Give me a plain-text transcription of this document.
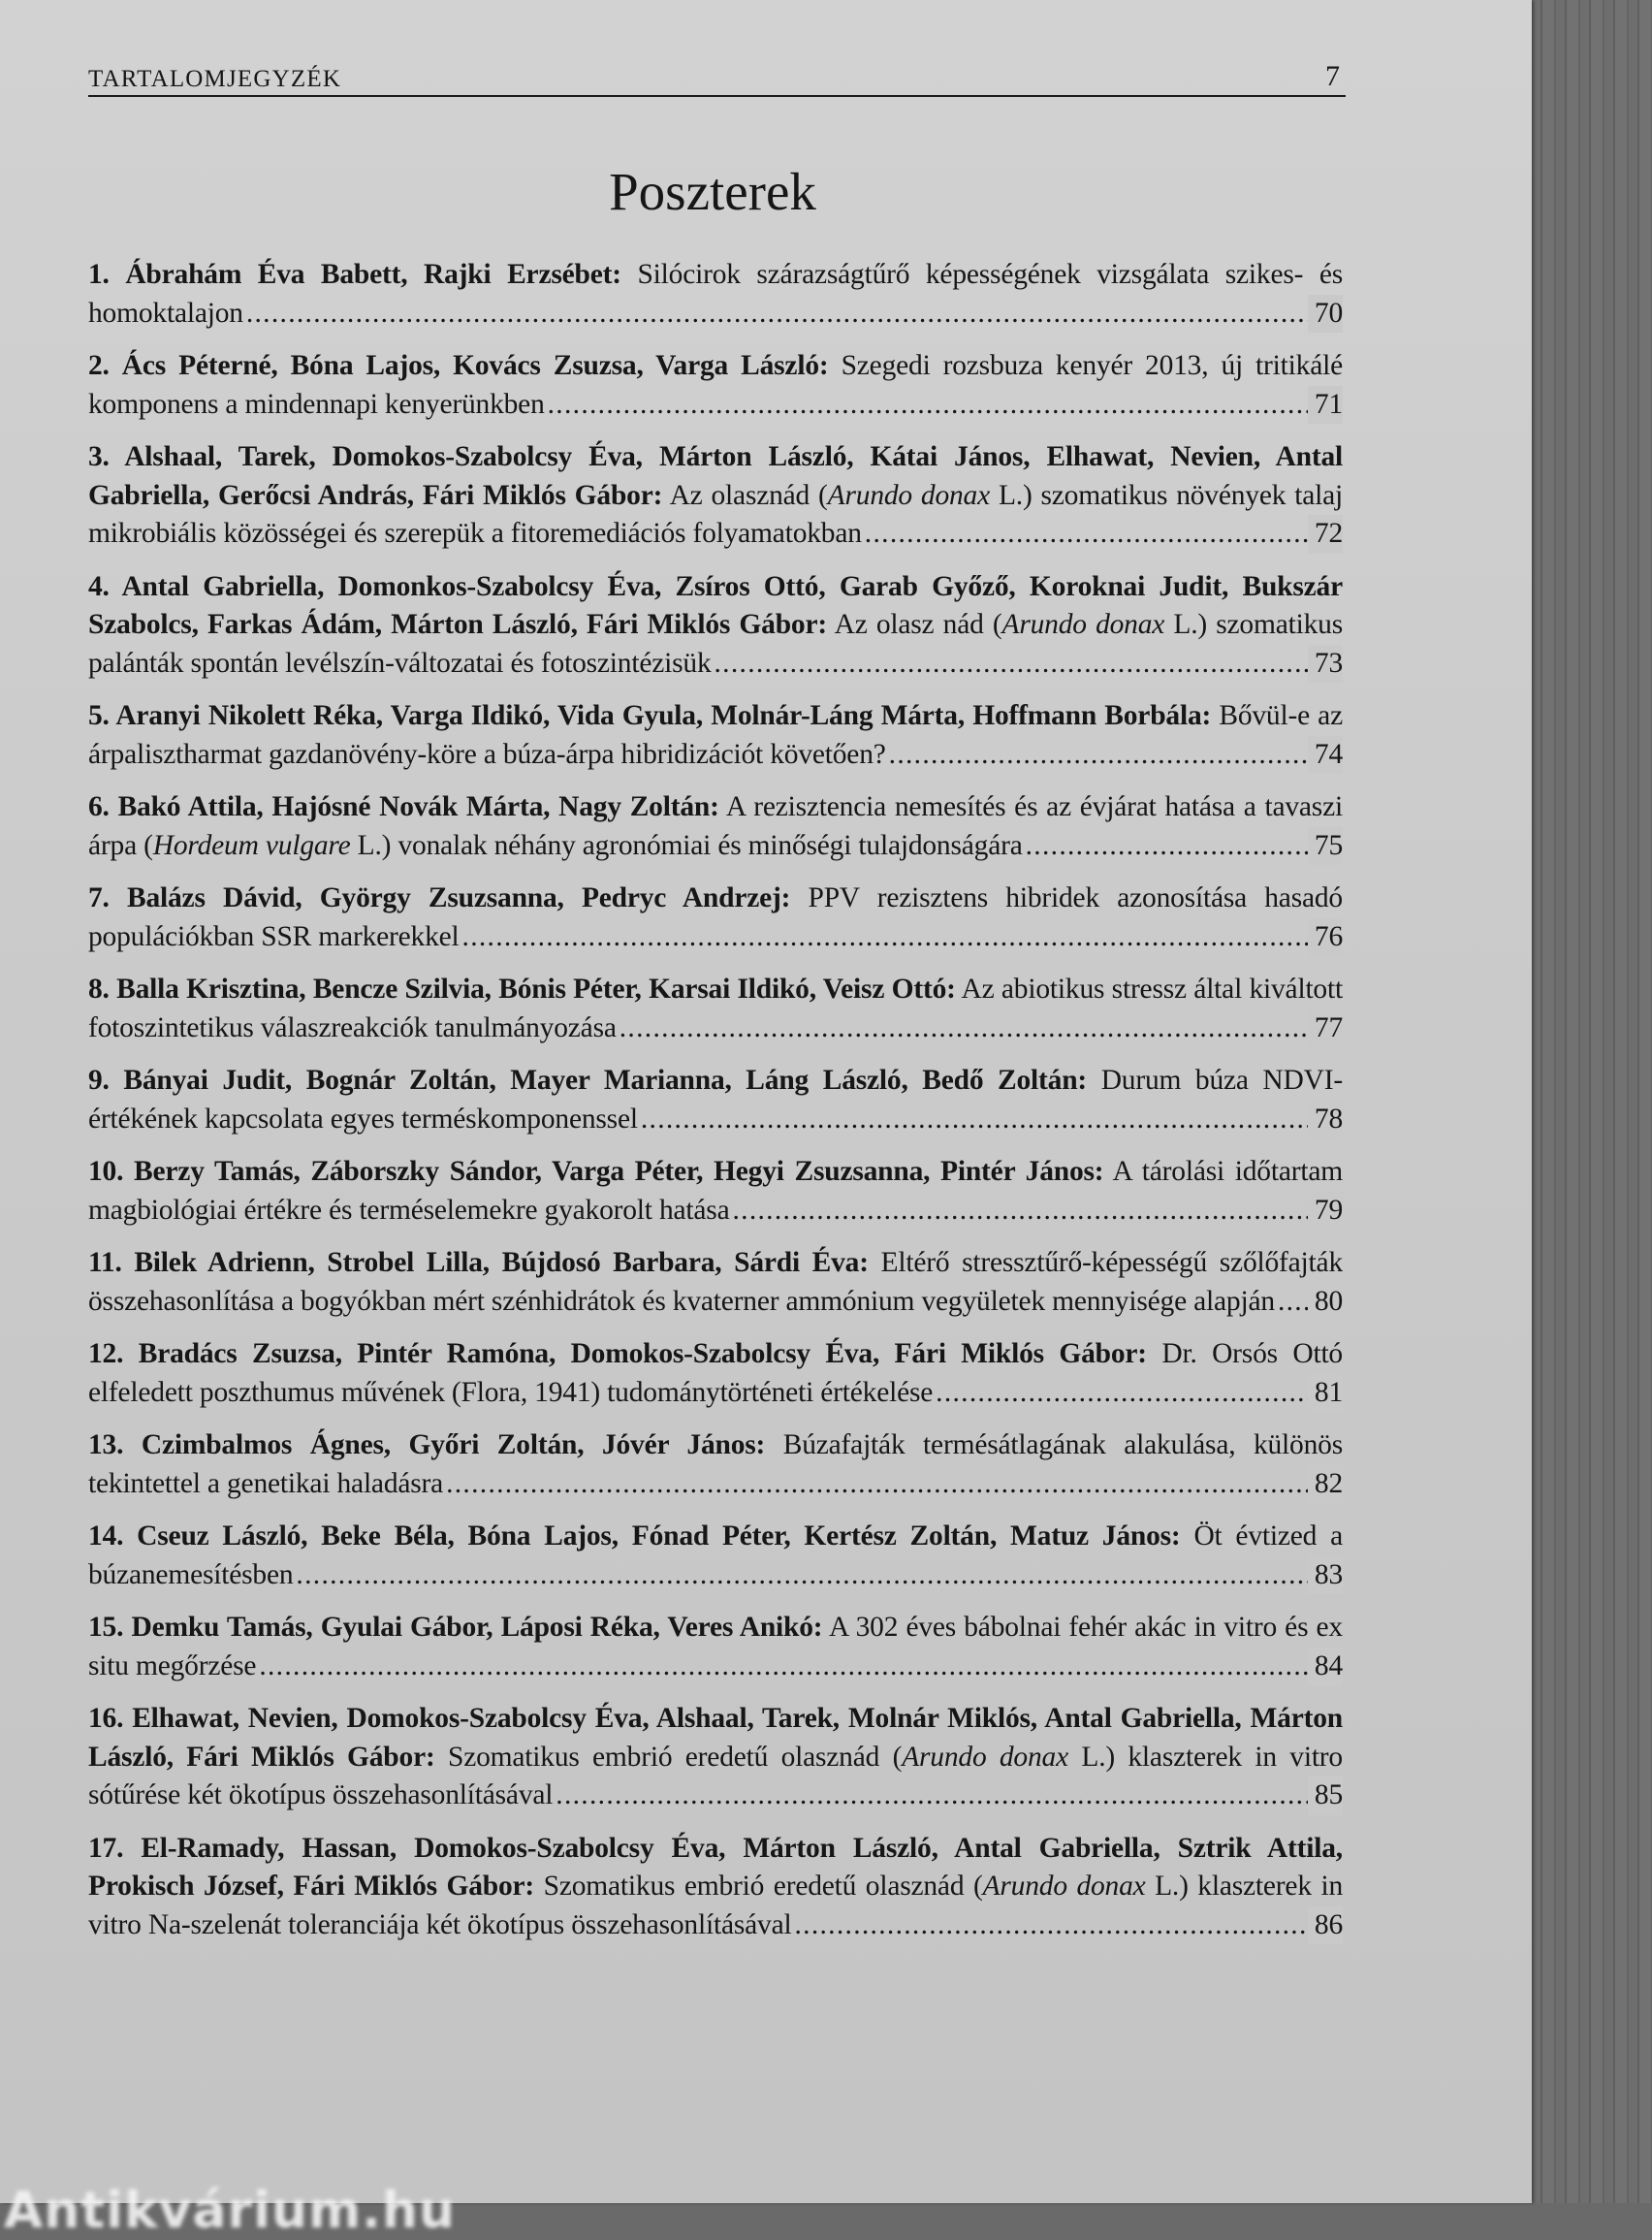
TARTALOMJEGYZÉK	7
Poszterek
1. Ábrahám Éva Babett, Rajki Erzsébet: Silócirok szárazságtűrő képességének vizsgálata szikes- és homoktalajon	70
2. Ács Péterné, Bóna Lajos, Kovács Zsuzsa, Varga László: Szegedi rozsbuza kenyér 2013, új tritikálé komponens a mindennapi kenyerünkben	71
3. Alshaal, Tarek, Domokos-Szabolcsy Éva, Márton László, Kátai János, Elhawat, Nevien, Antal Gabriella, Gerőcsi András, Fári Miklós Gábor: Az olasznád (Arundo donax L.) szomatikus növények talaj mikrobiális közösségei és szerepük a fitoremediációs folyamatokban	72
4. Antal Gabriella, Domonkos-Szabolcsy Éva, Zsíros Ottó, Garab Győző, Koroknai Judit, Bukszár Szabolcs, Farkas Ádám, Márton László, Fári Miklós Gábor: Az olasz nád (Arundo donax L.) szomatikus palánták spontán levélszín-változatai és fotoszintézisük	73
5. Aranyi Nikolett Réka, Varga Ildikó, Vida Gyula, Molnár-Láng Márta, Hoffmann Borbála: Bővül-e az árpalisztharmat gazdanövény-köre a búza-árpa hibridizációt követően?	74
6. Bakó Attila, Hajósné Novák Márta, Nagy Zoltán: A rezisztencia nemesítés és az évjárat hatása a tavaszi árpa (Hordeum vulgare L.) vonalak néhány agronómiai és minőségi tulajdonságára	75
7. Balázs Dávid, György Zsuzsanna, Pedryc Andrzej: PPV rezisztens hibridek azonosítása hasadó populációkban SSR markerekkel	76
8. Balla Krisztina, Bencze Szilvia, Bónis Péter, Karsai Ildikó, Veisz Ottó: Az abiotikus stressz által kiváltott fotoszintetikus válaszreakciók tanulmányozása	77
9. Bányai Judit, Bognár Zoltán, Mayer Marianna, Láng László, Bedő Zoltán: Durum búza NDVI-értékének kapcsolata egyes terméskomponenssel	78
10. Berzy Tamás, Záborszky Sándor, Varga Péter, Hegyi Zsuzsanna, Pintér János: A tárolási időtartam magbiológiai értékre és terméselemekre gyakorolt hatása	79
11. Bilek Adrienn, Strobel Lilla, Bújdosó Barbara, Sárdi Éva: Eltérő stressztűrő-képességű szőlőfajták összehasonlítása a bogyókban mért szénhidrátok és kvaterner ammónium vegyületek mennyisége alapján 80
12. Bradács Zsuzsa, Pintér Ramóna, Domokos-Szabolcsy Éva, Fári Miklós Gábor: Dr. Orsós Ottó elfeledett poszthumus művének (Flora, 1941) tudománytörténeti értékelése	81
13. Czimbalmos Ágnes, Győri Zoltán, Jóvér János: Búzafajták termésátlagának alakulása, különös tekintettel a genetikai haladásra	82
14. Cseuz László, Beke Béla, Bóna Lajos, Fónad Péter, Kertész Zoltán, Matuz János: Öt évtized a búzanemesítésben	83
15. Demku Tamás, Gyulai Gábor, Láposi Réka, Veres Anikó: A 302 éves bábolnai fehér akác in vitro és ex situ megőrzése	84
16. Elhawat, Nevien, Domokos-Szabolcsy Éva, Alshaal, Tarek, Molnár Miklós, Antal Gabriella, Márton László, Fári Miklós Gábor: Szomatikus embrió eredetű olasznád (Arundo donax L.) klaszterek in vitro sótűrése két ökotípus összehasonlításával	85
17. El-Ramady, Hassan, Domokos-Szabolcsy Éva, Márton László, Antal Gabriella, Sztrik Attila, Prokisch József, Fári Miklós Gábor: Szomatikus embrió eredetű olasznád (Arundo donax L.) klaszterek in vitro Na-szelenát toleranciája két ökotípus összehasonlításával	86
Antikvárium.hu
